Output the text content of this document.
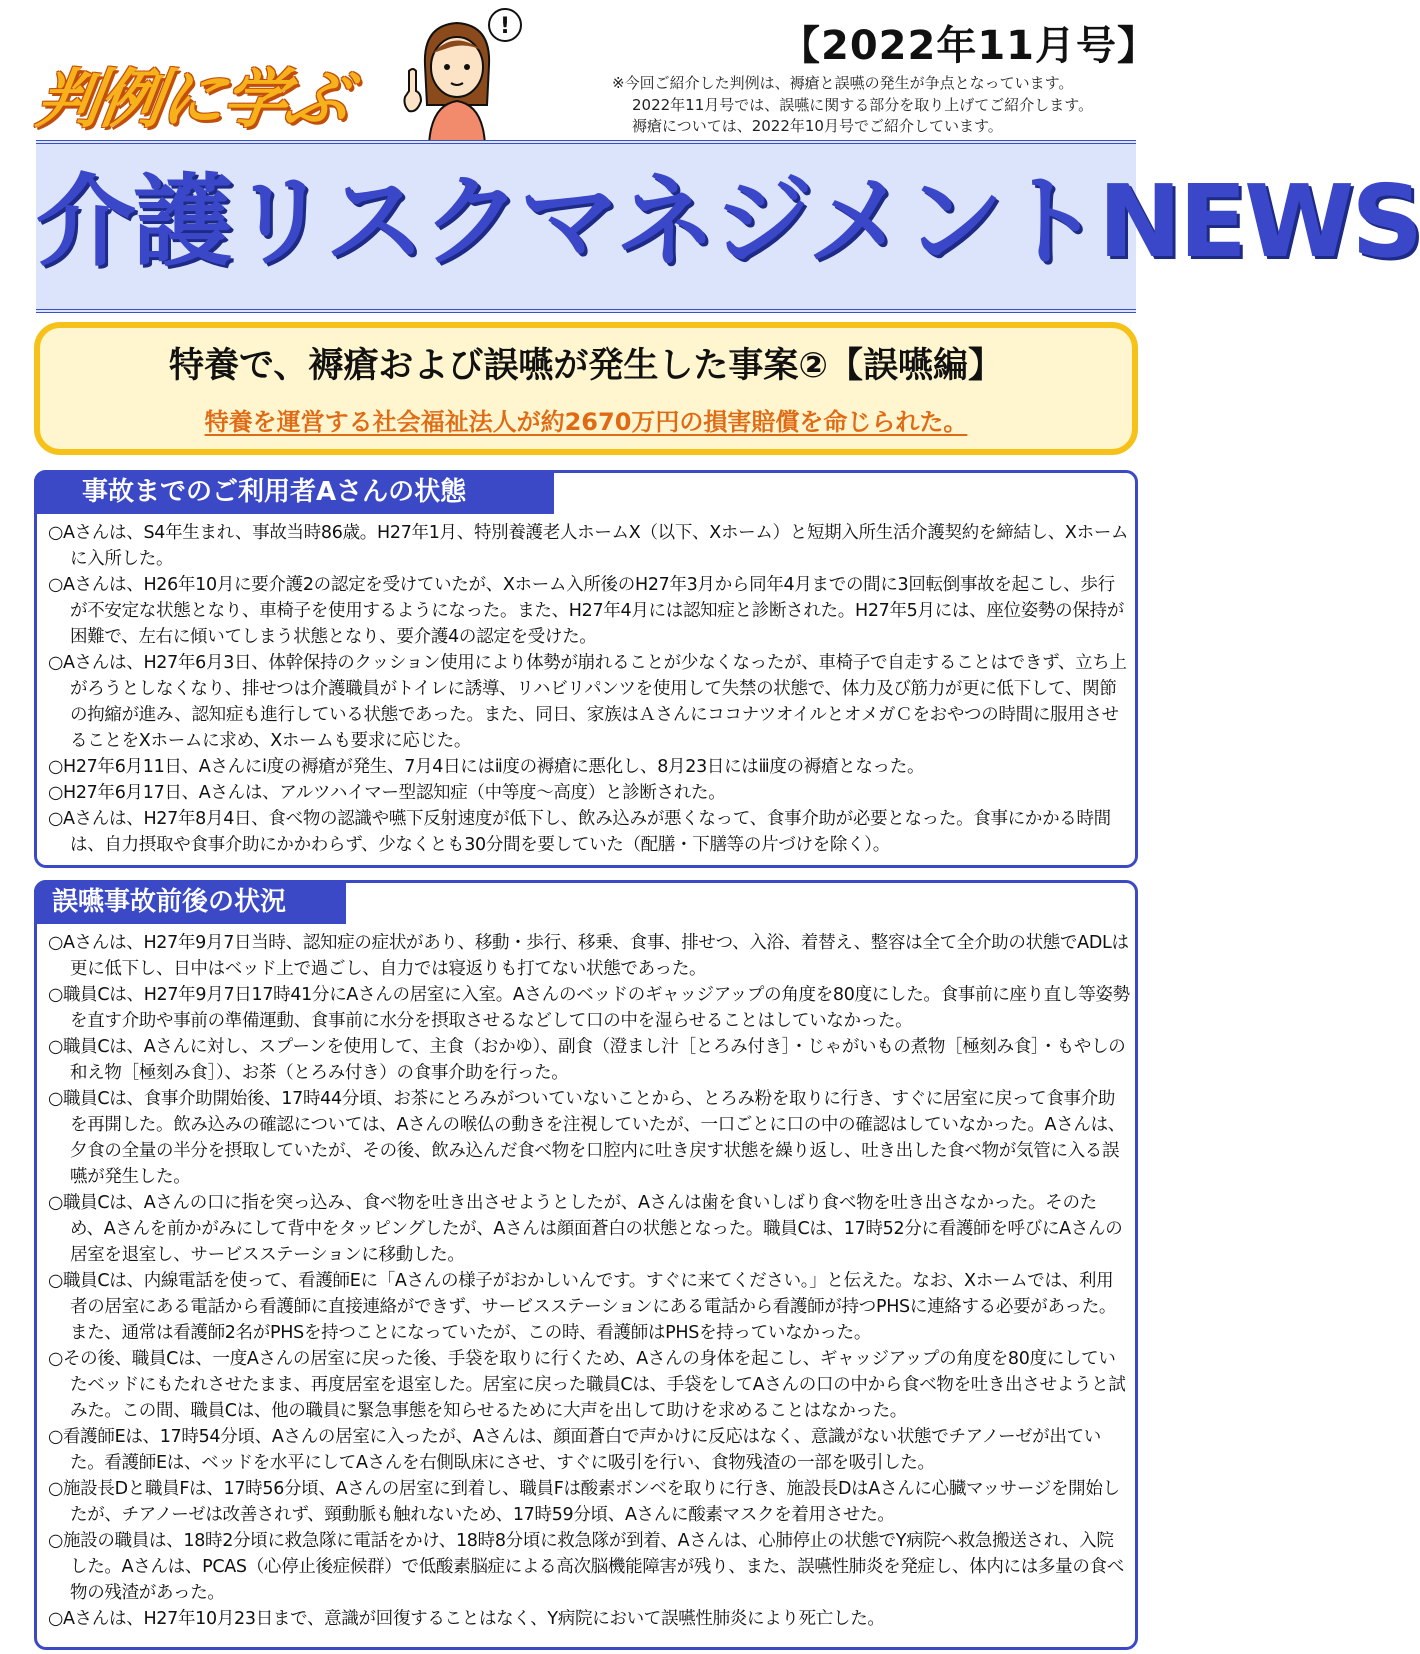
判例に学ぶ
!	【2022年11月号】
※今回ご紹介した判例は、褥瘡と誤嚥の発生が争点となっています。
2022年11月号では、誤嚥に関する部分を取り上げてご紹介します。
褥瘡については、2022年10月号でご紹介しています。
介護リスクマネジメントNEWS
特養で、褥瘡および誤嚥が発生した事案②【誤嚥編】
特養を運営する社会福祉法人が約2670万円の損害賠償を命じられた。
事故までのご利用者Aさんの状態
○Aさんは、S4年生まれ、事故当時86歳。H27年1月、特別養護老人ホームX（以下、Xホーム）と短期入所生活介護契約を締結し、Xホームに入所した。
○Aさんは、H26年10月に要介護2の認定を受けていたが、Xホーム入所後のH27年3月から同年4月までの間に3回転倒事故を起こし、歩行が不安定な状態となり、車椅子を使用するようになった。また、H27年4月には認知症と診断された。H27年5月には、座位姿勢の保持が困難で、左右に傾いてしまう状態となり、要介護4の認定を受けた。
○Aさんは、H27年6月3日、体幹保持のクッション使用により体勢が崩れることが少なくなったが、車椅子で自走することはできず、立ち上がろうとしなくなり、排せつは介護職員がトイレに誘導、リハビリパンツを使用して失禁の状態で、体力及び筋力が更に低下して、関節の拘縮が進み、認知症も進行している状態であった。また、同日、家族はＡさんにココナツオイルとオメガＣをおやつの時間に服用させることをXホームに求め、Xホームも要求に応じた。
○H27年6月11日、Aさんにⅰ度の褥瘡が発生、7月4日にはⅱ度の褥瘡に悪化し、8月23日にはⅲ度の褥瘡となった。
○H27年6月17日、Aさんは、アルツハイマー型認知症（中等度～高度）と診断された。
○Aさんは、H27年8月4日、食べ物の認識や嚥下反射速度が低下し、飲み込みが悪くなって、食事介助が必要となった。食事にかかる時間は、自力摂取や食事介助にかかわらず、少なくとも30分間を要していた（配膳・下膳等の片づけを除く）。
誤嚥事故前後の状況
○Aさんは、H27年9月7日当時、認知症の症状があり、移動・歩行、移乗、食事、排せつ、入浴、着替え、整容は全て全介助の状態でADLは更に低下し、日中はベッド上で過ごし、自力では寝返りも打てない状態であった。
○職員Cは、H27年9月7日17時41分にAさんの居室に入室。Aさんのベッドのギャッジアップの角度を80度にした。食事前に座り直し等姿勢を直す介助や事前の準備運動、食事前に水分を摂取させるなどして口の中を湿らせることはしていなかった。
○職員Cは、Aさんに対し、スプーンを使用して、主食（おかゆ）、副食（澄まし汁［とろみ付き］・じゃがいもの煮物［極刻み食］・もやしの和え物［極刻み食］）、お茶（とろみ付き）の食事介助を行った。
○職員Cは、食事介助開始後、17時44分頃、お茶にとろみがついていないことから、とろみ粉を取りに行き、すぐに居室に戻って食事介助を再開した。飲み込みの確認については、Aさんの喉仏の動きを注視していたが、一口ごとに口の中の確認はしていなかった。Aさんは、夕食の全量の半分を摂取していたが、その後、飲み込んだ食べ物を口腔内に吐き戻す状態を繰り返し、吐き出した食べ物が気管に入る誤嚥が発生した。
○職員Cは、Aさんの口に指を突っ込み、食べ物を吐き出させようとしたが、Aさんは歯を食いしばり食べ物を吐き出さなかった。そのため、Aさんを前かがみにして背中をタッピングしたが、Aさんは顔面蒼白の状態となった。職員Cは、17時52分に看護師を呼びにAさんの居室を退室し、サービスステーションに移動した。
○職員Cは、内線電話を使って、看護師Eに「Aさんの様子がおかしいんです。すぐに来てください。」と伝えた。なお、Xホームでは、利用者の居室にある電話から看護師に直接連絡ができず、サービスステーションにある電話から看護師が持つPHSに連絡する必要があった。また、通常は看護師2名がPHSを持つことになっていたが、この時、看護師はPHSを持っていなかった。
○その後、職員Cは、一度Aさんの居室に戻った後、手袋を取りに行くため、Aさんの身体を起こし、ギャッジアップの角度を80度にしていたベッドにもたれさせたまま、再度居室を退室した。居室に戻った職員Cは、手袋をしてAさんの口の中から食べ物を吐き出させようと試みた。この間、職員Cは、他の職員に緊急事態を知らせるために大声を出して助けを求めることはなかった。
○看護師Eは、17時54分頃、Aさんの居室に入ったが、Aさんは、顔面蒼白で声かけに反応はなく、意識がない状態でチアノーゼが出ていた。看護師Eは、ベッドを水平にしてAさんを右側臥床にさせ、すぐに吸引を行い、食物残渣の一部を吸引した。
○施設長Dと職員Fは、17時56分頃、Aさんの居室に到着し、職員Fは酸素ボンベを取りに行き、施設長DはAさんに心臓マッサージを開始したが、チアノーゼは改善されず、頸動脈も触れないため、17時59分頃、Aさんに酸素マスクを着用させた。
○施設の職員は、18時2分頃に救急隊に電話をかけ、18時8分頃に救急隊が到着、Aさんは、心肺停止の状態でY病院へ救急搬送され、入院した。Aさんは、PCAS（心停止後症候群）で低酸素脳症による高次脳機能障害が残り、また、誤嚥性肺炎を発症し、体内には多量の食べ物の残渣があった。
○Aさんは、H27年10月23日まで、意識が回復することはなく、Y病院において誤嚥性肺炎により死亡した。
